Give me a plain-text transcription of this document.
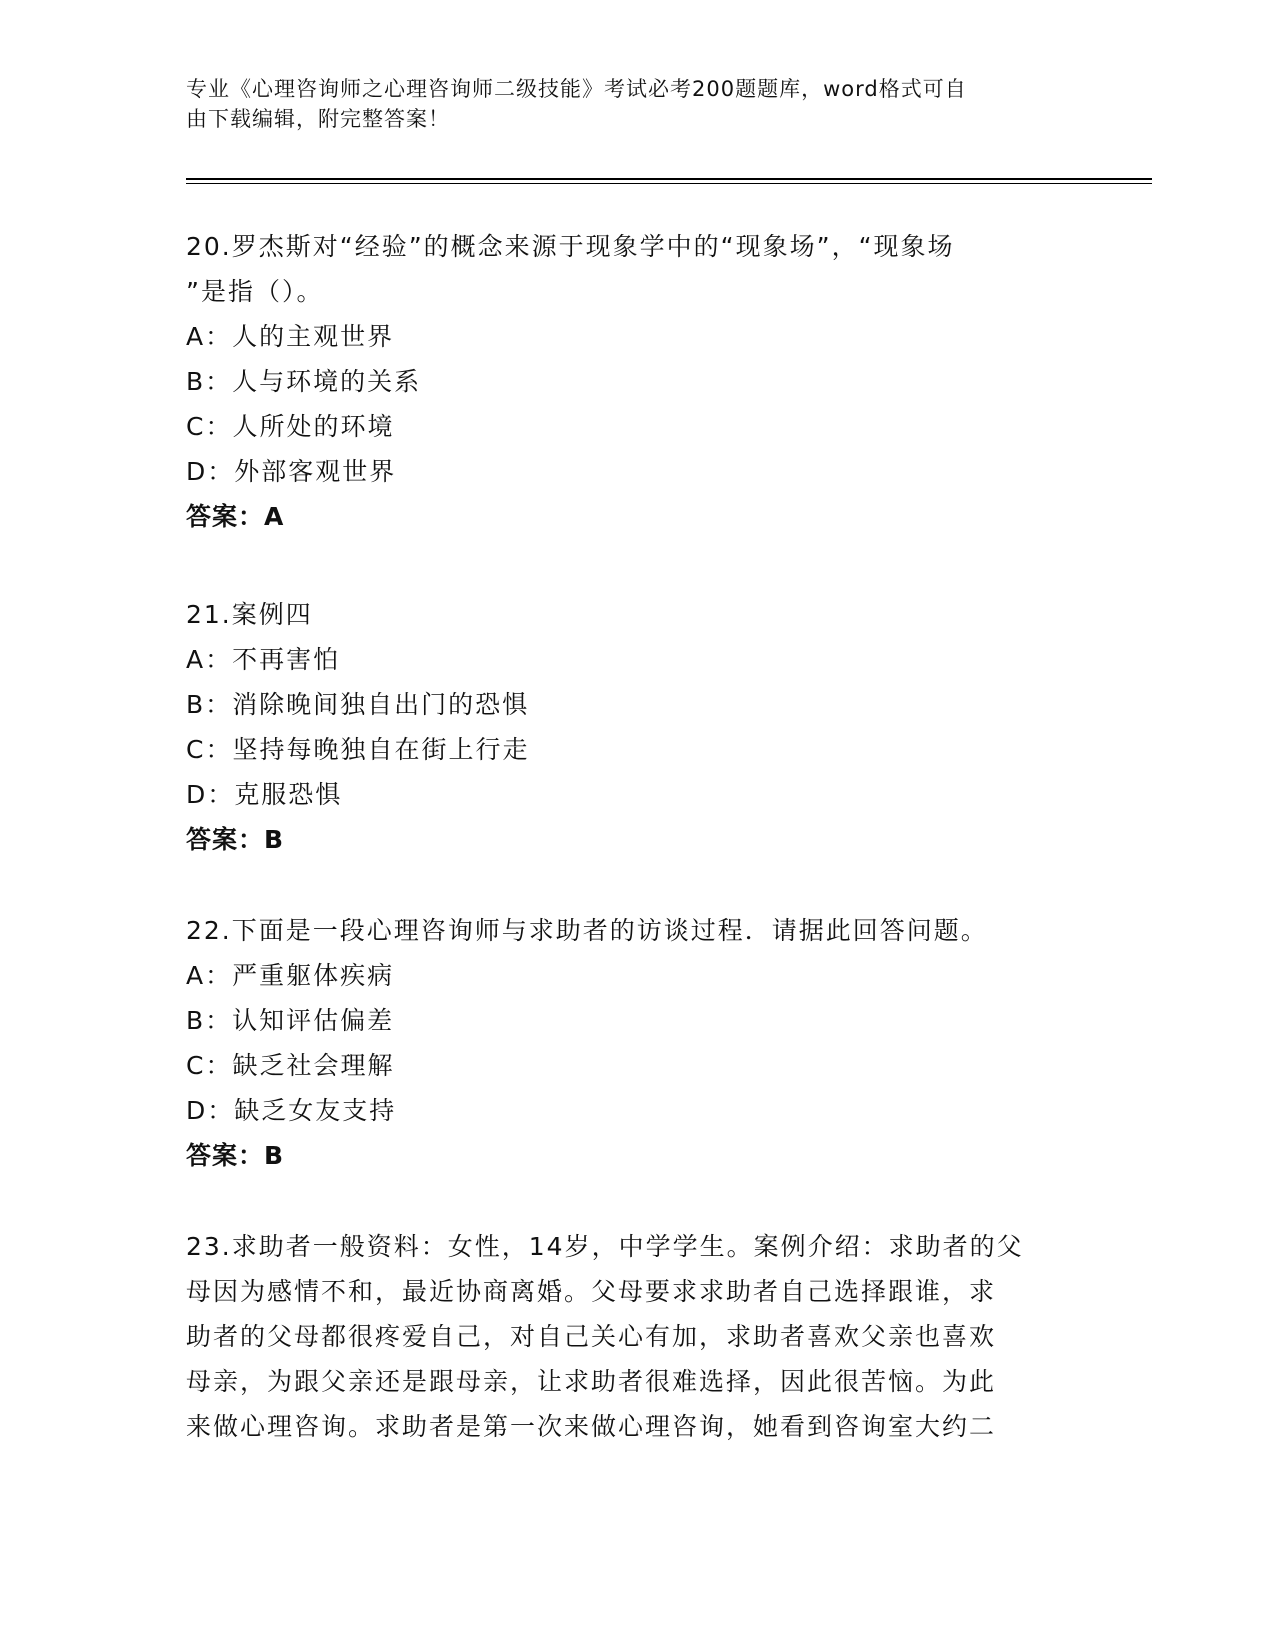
专业《心理咨询师之心理咨询师二级技能》考试必考200题题库，word格式可自
由下载编辑，附完整答案！

20.罗杰斯对“经验”的概念来源于现象学中的“现象场”，“现象场

”是指（）。

A：人的主观世界

B：人与环境的关系

C：人所处的环境

D：外部客观世界

答案：A

21.案例四

A：不再害怕

B：消除晚间独自出门的恐惧

C：坚持每晚独自在街上行走

D：克服恐惧

答案：B

22.下面是一段心理咨询师与求助者的访谈过程．请据此回答问题。

A：严重躯体疾病

B：认知评估偏差

C：缺乏社会理解

D：缺乏女友支持

答案：B

23.求助者一般资料：女性，14岁，中学学生。案例介绍：求助者的父

母因为感情不和，最近协商离婚。父母要求求助者自己选择跟谁，求

助者的父母都很疼爱自己，对自己关心有加，求助者喜欢父亲也喜欢

母亲，为跟父亲还是跟母亲，让求助者很难选择，因此很苦恼。为此

来做心理咨询。求助者是第一次来做心理咨询，她看到咨询室大约二
